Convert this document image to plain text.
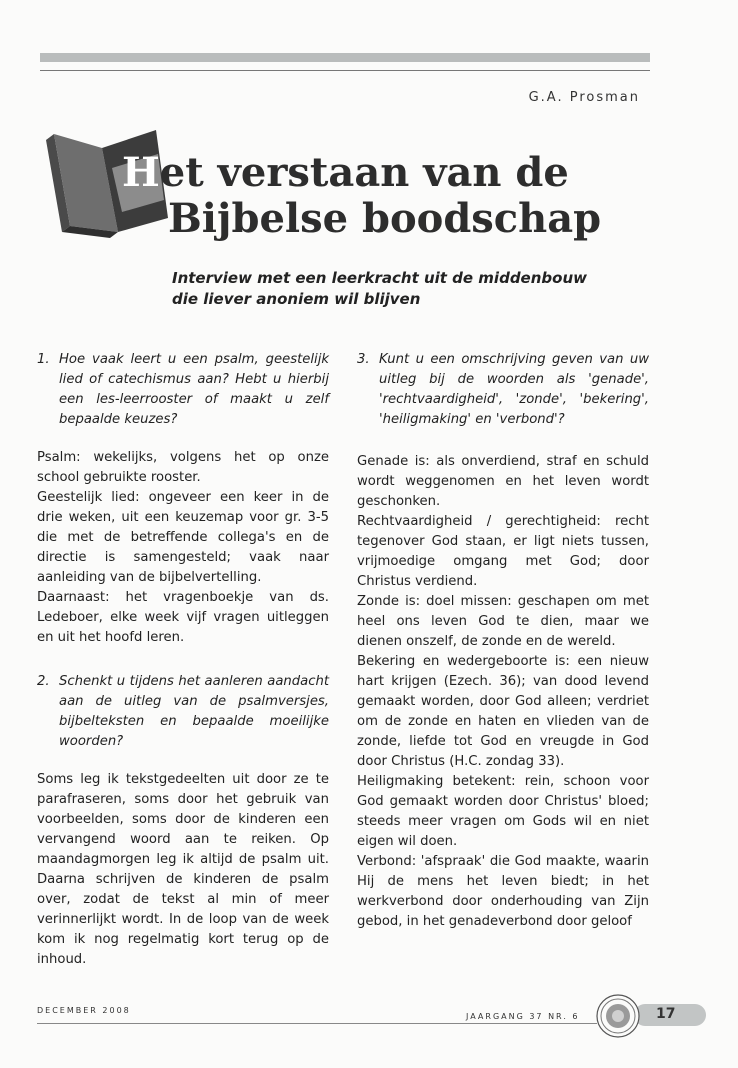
G.A. Prosman
Het verstaan van de
Bijbelse boodschap
Interview met een leerkracht uit de middenbouw
die liever anoniem wil blijven
1. Hoe vaak leert u een psalm, geestelijk lied of catechismus aan? Hebt u hierbij een les-leerrooster of maakt u zelf bepaalde keuzes?

Psalm: wekelijks, volgens het op onze school gebruikte rooster.

Geestelijk lied: ongeveer een keer in de drie weken, uit een keuzemap voor gr. 3-5 die met de betreffende collega's en de directie is samengesteld; vaak naar aanleiding van de bijbelvertelling.

Daarnaast: het vragenboekje van ds. Ledeboer, elke week vijf vragen uitleggen en uit het hoofd leren.

2. Schenkt u tijdens het aanleren aandacht aan de uitleg van de psalmversjes, bijbelteksten en bepaalde moeilijke woorden?

Soms leg ik tekstgedeelten uit door ze te parafraseren, soms door het gebruik van voorbeelden, soms door de kinderen een vervangend woord aan te reiken. Op maandagmorgen leg ik altijd de psalm uit. Daarna schrijven de kinderen de psalm over, zodat de tekst al min of meer verinnerlijkt wordt. In de loop van de week kom ik nog regelmatig kort terug op de inhoud.

3. Kunt u een omschrijving geven van uw uitleg bij de woorden als 'genade', 'rechtvaardigheid', 'zonde', 'bekering', 'heiligmaking' en 'verbond'?

Genade is: als onverdiend, straf en schuld wordt weggenomen en het leven wordt geschonken.

Rechtvaardigheid / gerechtigheid: recht tegenover God staan, er ligt niets tussen, vrijmoedige omgang met God; door Christus verdiend.

Zonde is: doel missen: geschapen om met heel ons leven God te dien, maar we dienen onszelf, de zonde en de wereld.

Bekering en wedergeboorte is: een nieuw hart krijgen (Ezech. 36); van dood levend gemaakt worden, door God alleen; verdriet om de zonde en haten en vlieden van de zonde, liefde tot God en vreugde in God door Christus (H.C. zondag 33).

Heiligmaking betekent: rein, schoon voor God gemaakt worden door Christus' bloed; steeds meer vragen om Gods wil en niet eigen wil doen.

Verbond: 'afspraak' die God maakte, waarin Hij de mens het leven biedt; in het werkverbond door onderhouding van Zijn gebod, in het genadeverbond door geloof

DECEMBER 2008
JAARGANG 37 NR. 6	17
